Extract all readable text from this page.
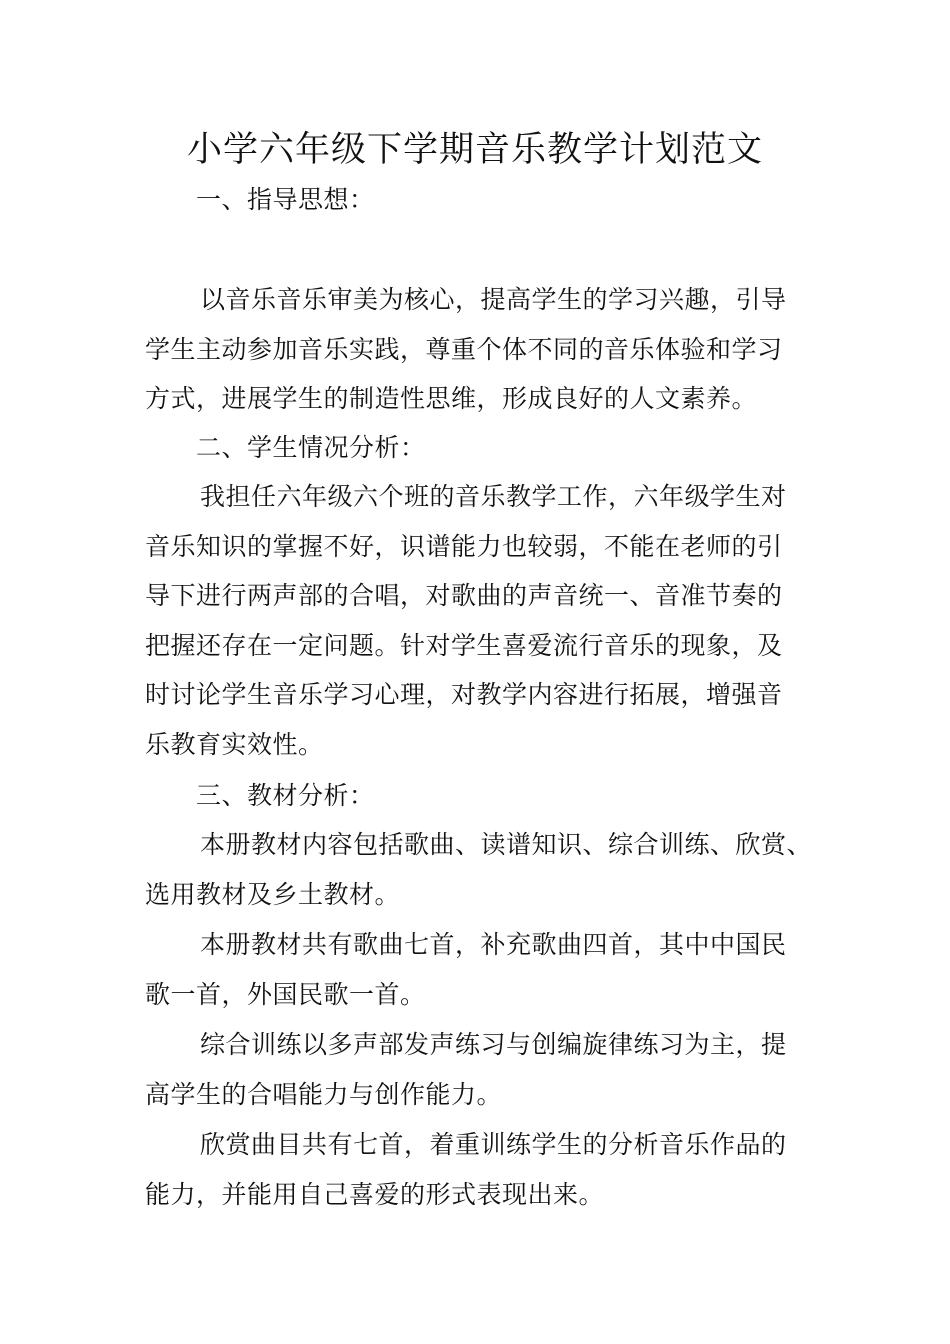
小学六年级下学期音乐教学计划范文
一、指导思想：
以音乐音乐审美为核心，提高学生的学习兴趣，引导
学生主动参加音乐实践，尊重个体不同的音乐体验和学习
方式，进展学生的制造性思维，形成良好的人文素养。
二、学生情况分析：
我担任六年级六个班的音乐教学工作，六年级学生对
音乐知识的掌握不好，识谱能力也较弱，不能在老师的引
导下进行两声部的合唱，对歌曲的声音统一、音准节奏的
把握还存在一定问题。针对学生喜爱流行音乐的现象，及
时讨论学生音乐学习心理，对教学内容进行拓展，增强音
乐教育实效性。
三、教材分析：
本册教材内容包括歌曲、读谱知识、综合训练、欣赏、
选用教材及乡土教材。
本册教材共有歌曲七首，补充歌曲四首，其中中国民
歌一首，外国民歌一首。
综合训练以多声部发声练习与创编旋律练习为主，提
高学生的合唱能力与创作能力。
欣赏曲目共有七首，着重训练学生的分析音乐作品的
能力，并能用自己喜爱的形式表现出来。
